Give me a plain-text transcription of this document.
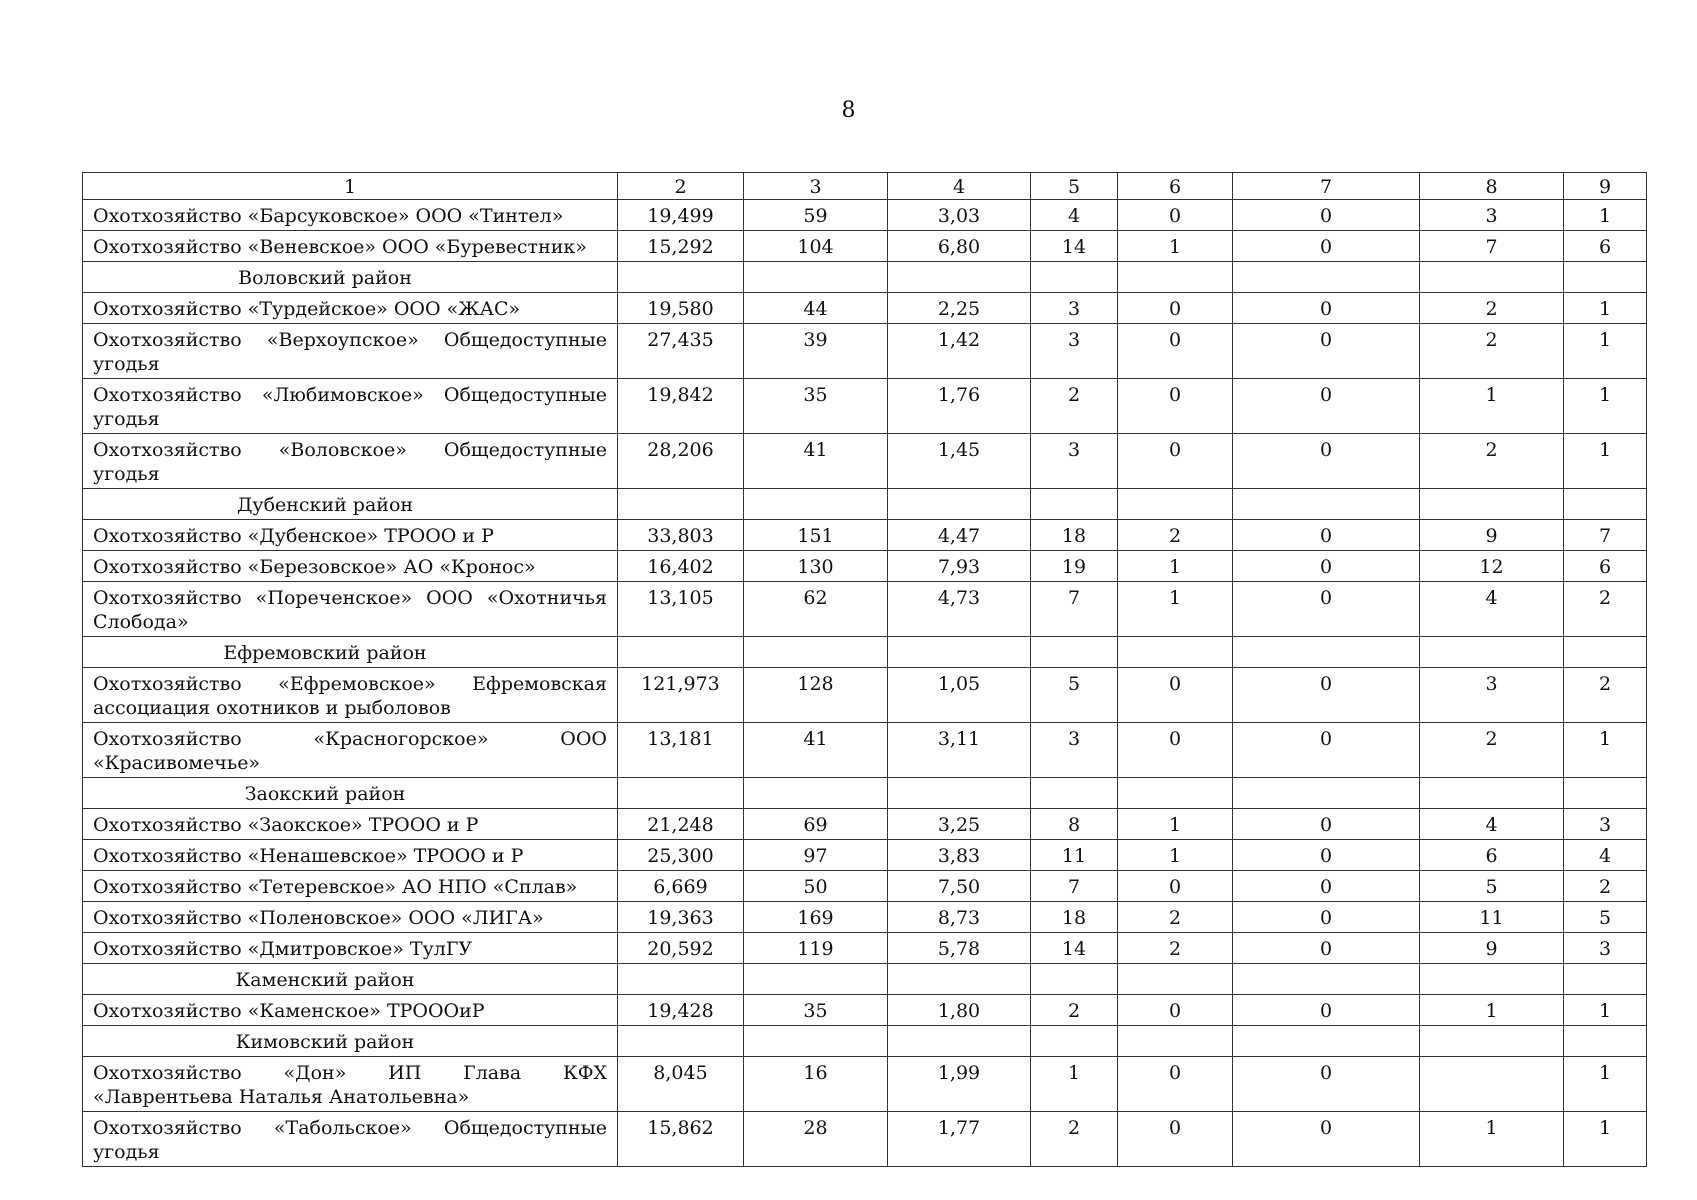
8
1	2	3	4	5	6	7	8	9
Охотхозяйство «Барсуковское» ООО «Тинтел»	19,499	59	3,03	4	0	0	3	1
Охотхозяйство «Веневское» ООО «Буревестник»	15,292	104	6,80	14	1	0	7	6
Воловский район								
Охотхозяйство «Турдейское» ООО «ЖАС»	19,580	44	2,25	3	0	0	2	1
Охотхозяйство «Верхоупское» Общедоступные угодья	27,435	39	1,42	3	0	0	2	1
Охотхозяйство «Любимовское» Общедоступные угодья	19,842	35	1,76	2	0	0	1	1
Охотхозяйство «Воловское» Общедоступные угодья	28,206	41	1,45	3	0	0	2	1
Дубенский район								
Охотхозяйство «Дубенское» ТРООО и Р	33,803	151	4,47	18	2	0	9	7
Охотхозяйство «Березовское» АО «Кронос»	16,402	130	7,93	19	1	0	12	6
Охотхозяйство «Пореченское» ООО «Охотничья Слобода»	13,105	62	4,73	7	1	0	4	2
Ефремовский район								
Охотхозяйство «Ефремовское» Ефремовская ассоциация охотников и рыболовов	121,973	128	1,05	5	0	0	3	2
Охотхозяйство «Красногорское» ООО «Красивомечье»	13,181	41	3,11	3	0	0	2	1
Заокский район								
Охотхозяйство «Заокское» ТРООО и Р	21,248	69	3,25	8	1	0	4	3
Охотхозяйство «Ненашевское» ТРООО и Р	25,300	97	3,83	11	1	0	6	4
Охотхозяйство «Тетеревское» АО НПО «Сплав»	6,669	50	7,50	7	0	0	5	2
Охотхозяйство «Поленовское» ООО «ЛИГА»	19,363	169	8,73	18	2	0	11	5
Охотхозяйство «Дмитровское» ТулГУ	20,592	119	5,78	14	2	0	9	3
Каменский район								
Охотхозяйство «Каменское» ТРОООиР	19,428	35	1,80	2	0	0	1	1
Кимовский район								
Охотхозяйство «Дон» ИП Глава КФХ «Лаврентьева Наталья Анатольевна»	8,045	16	1,99	1	0	0		1
Охотхозяйство «Табольское» Общедоступные угодья	15,862	28	1,77	2	0	0	1	1
